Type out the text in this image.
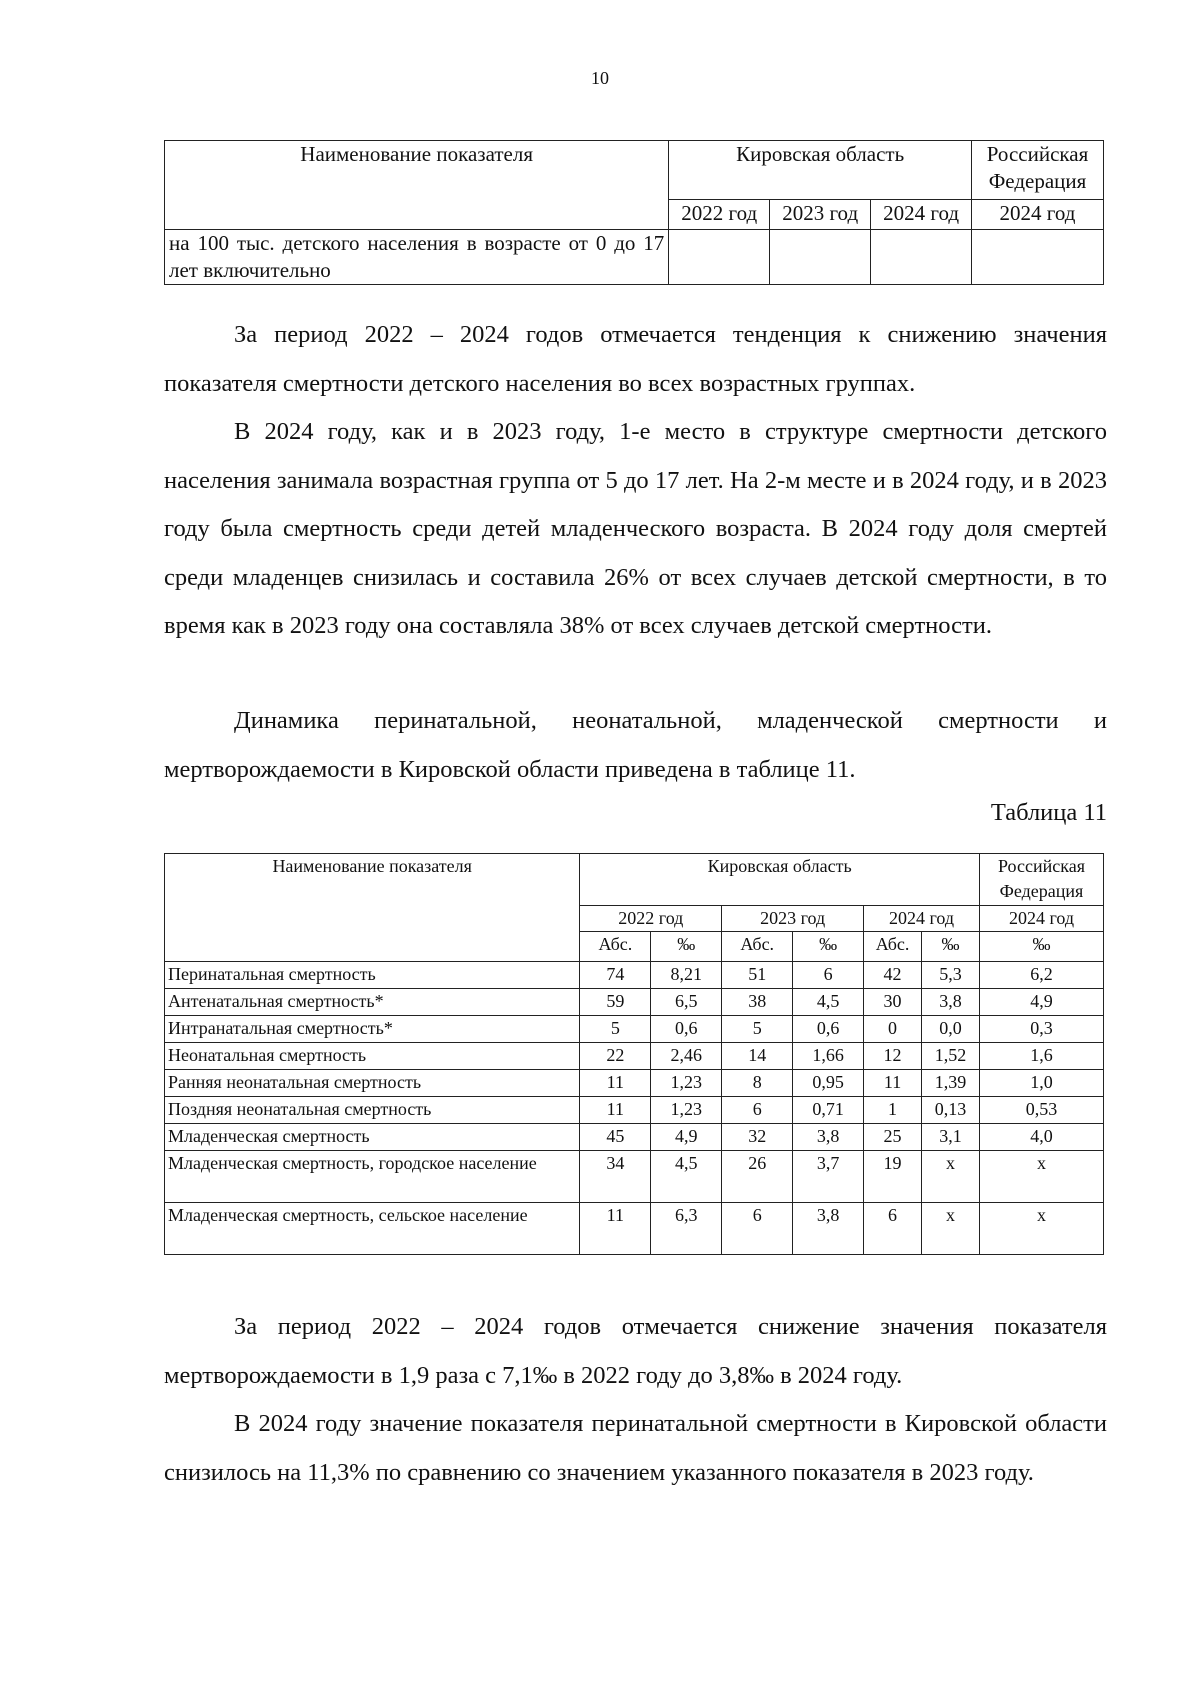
10
Наименование показателя	Кировская область			Российская Федерация
	2022 год	2023 год	2024 год	2024 год
на 100 тыс. детского населения в возрасте от 0 до 17 лет включительно				

За период 2022 – 2024 годов отмечается тенденция к снижению значения показателя смертности детского населения во всех возрастных группах.

В 2024 году, как и в 2023 году, 1-е место в структуре смертности детского населения занимала возрастная группа от 5 до 17 лет. На 2-м месте и в 2024 году, и в 2023 году была смертность среди детей младенческого возраста. В 2024 году доля смертей среди младенцев снизилась и составила 26% от всех случаев детской смертности, в то время как в 2023 году она составляла 38% от всех случаев детской смертности.

Динамика перинатальной, неонатальной, младенческой смертности и мертворождаемости в Кировской области приведена в таблице 11.

Таблица 11
Наименование показателя	Кировская область						Российская Федерация
	2022 год		2023 год		2024 год		2024 год
	Абс.	‰	Абс.	‰	Абс.	‰	‰
Перинатальная смертность	74	8,21	51	6	42	5,3	6,2
Антенатальная смертность*	59	6,5	38	4,5	30	3,8	4,9
Интранатальная смертность*	5	0,6	5	0,6	0	0,0	0,3
Неонатальная смертность	22	2,46	14	1,66	12	1,52	1,6
Ранняя неонатальная смертность	11	1,23	8	0,95	11	1,39	1,0
Поздняя неонатальная смертность	11	1,23	6	0,71	1	0,13	0,53
Младенческая смертность	45	4,9	32	3,8	25	3,1	4,0
Младенческая смертность, городское население	34	4,5	26	3,7	19	х	х
Младенческая смертность, сельское население	11	6,3	6	3,8	6	х	х

За период 2022 – 2024 годов отмечается снижение значения показателя мертворождаемости в 1,9 раза с 7,1‰ в 2022 году до 3,8‰ в 2024 году.

В 2024 году значение показателя перинатальной смертности в Кировской области снизилось на 11,3% по сравнению со значением указанного показателя в 2023 году.
